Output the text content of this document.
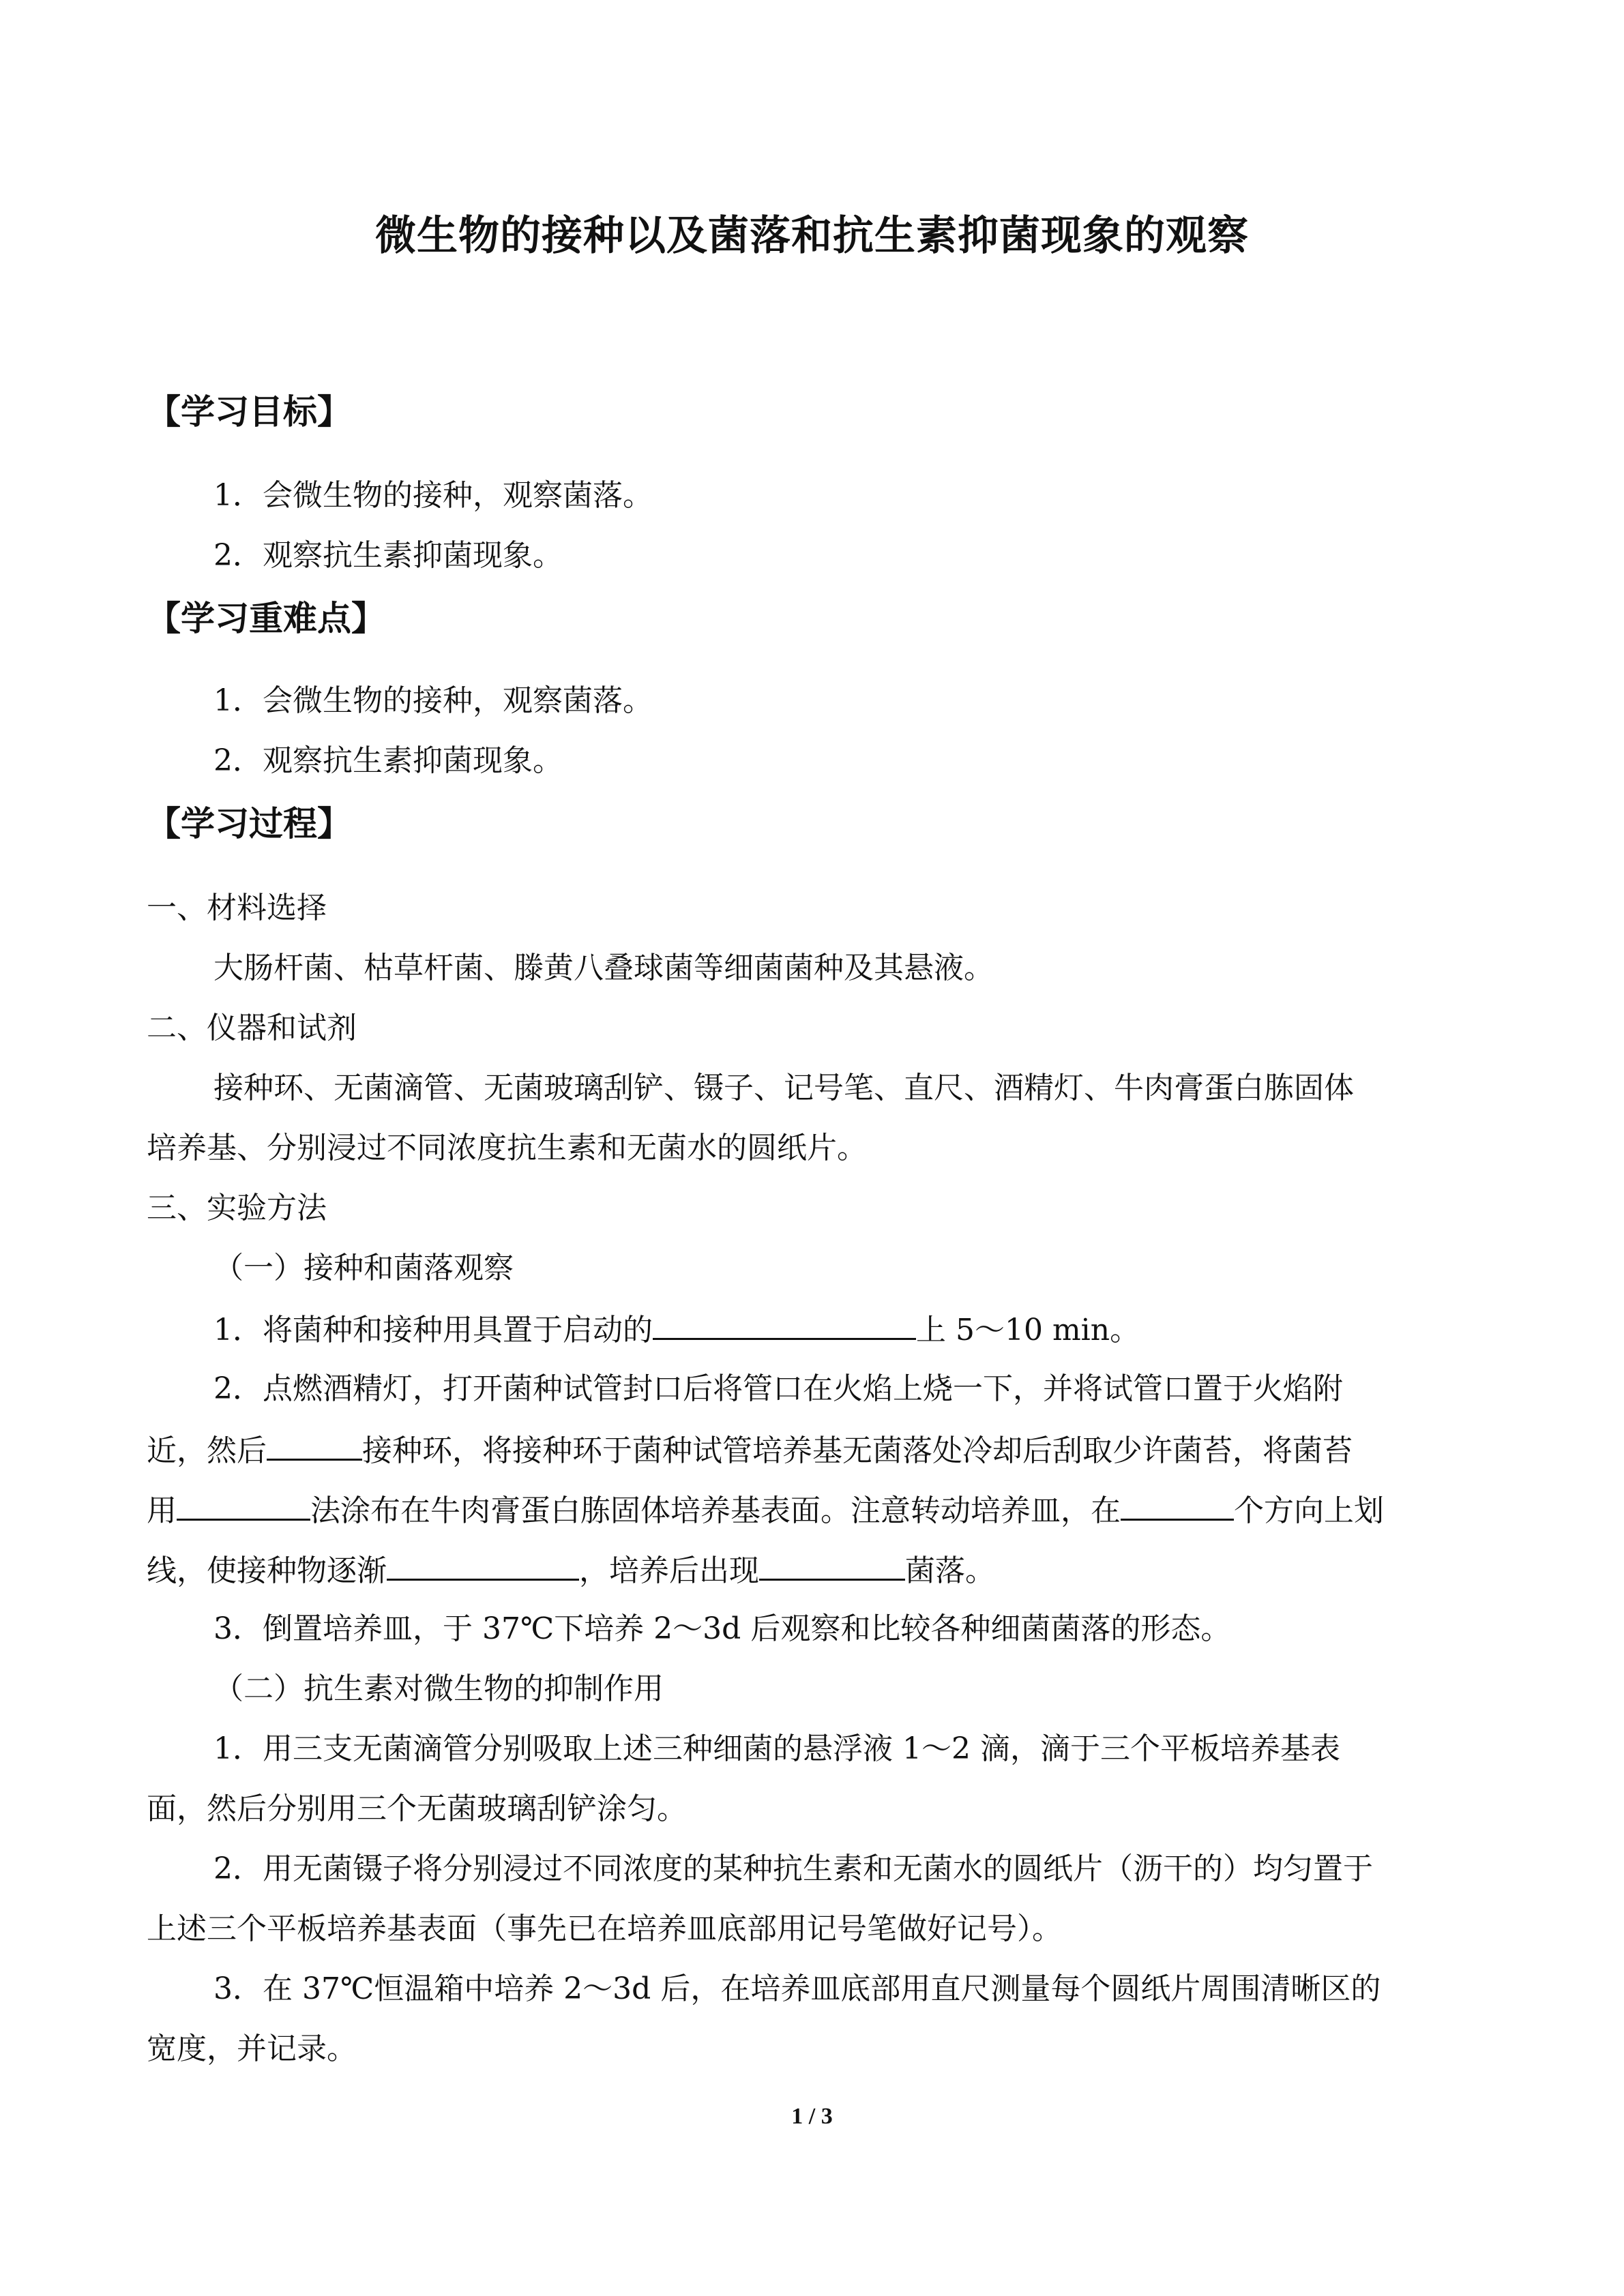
微生物的接种以及菌落和抗生素抑菌现象的观察
【学习目标】
1．会微生物的接种，观察菌落。
2．观察抗生素抑菌现象。
【学习重难点】
1．会微生物的接种，观察菌落。
2．观察抗生素抑菌现象。
【学习过程】
一、材料选择
大肠杆菌、枯草杆菌、滕黄八叠球菌等细菌菌种及其悬液。
二、仪器和试剂
接种环、无菌滴管、无菌玻璃刮铲、镊子、记号笔、直尺、酒精灯、牛肉膏蛋白胨固体
培养基、分别浸过不同浓度抗生素和无菌水的圆纸片。
三、实验方法
（一）接种和菌落观察
1．将菌种和接种用具置于启动的	上 5～10 min。
2．点燃酒精灯，打开菌种试管封口后将管口在火焰上烧一下，并将试管口置于火焰附
近，然后	接种环，将接种环于菌种试管培养基无菌落处冷却后刮取少许菌苔，将菌苔
用	法涂布在牛肉膏蛋白胨固体培养基表面。注意转动培养皿，在	个方向上划
线，使接种物逐渐	，培养后出现	菌落。
3．倒置培养皿，于 37℃下培养 2～3d 后观察和比较各种细菌菌落的形态。
（二）抗生素对微生物的抑制作用
1．用三支无菌滴管分别吸取上述三种细菌的悬浮液 1～2 滴，滴于三个平板培养基表
面，然后分别用三个无菌玻璃刮铲涂匀。
2．用无菌镊子将分别浸过不同浓度的某种抗生素和无菌水的圆纸片（沥干的）均匀置于
上述三个平板培养基表面（事先已在培养皿底部用记号笔做好记号）。
3．在 37℃恒温箱中培养 2～3d 后，在培养皿底部用直尺测量每个圆纸片周围清晰区的
宽度，并记录。
1 / 3
